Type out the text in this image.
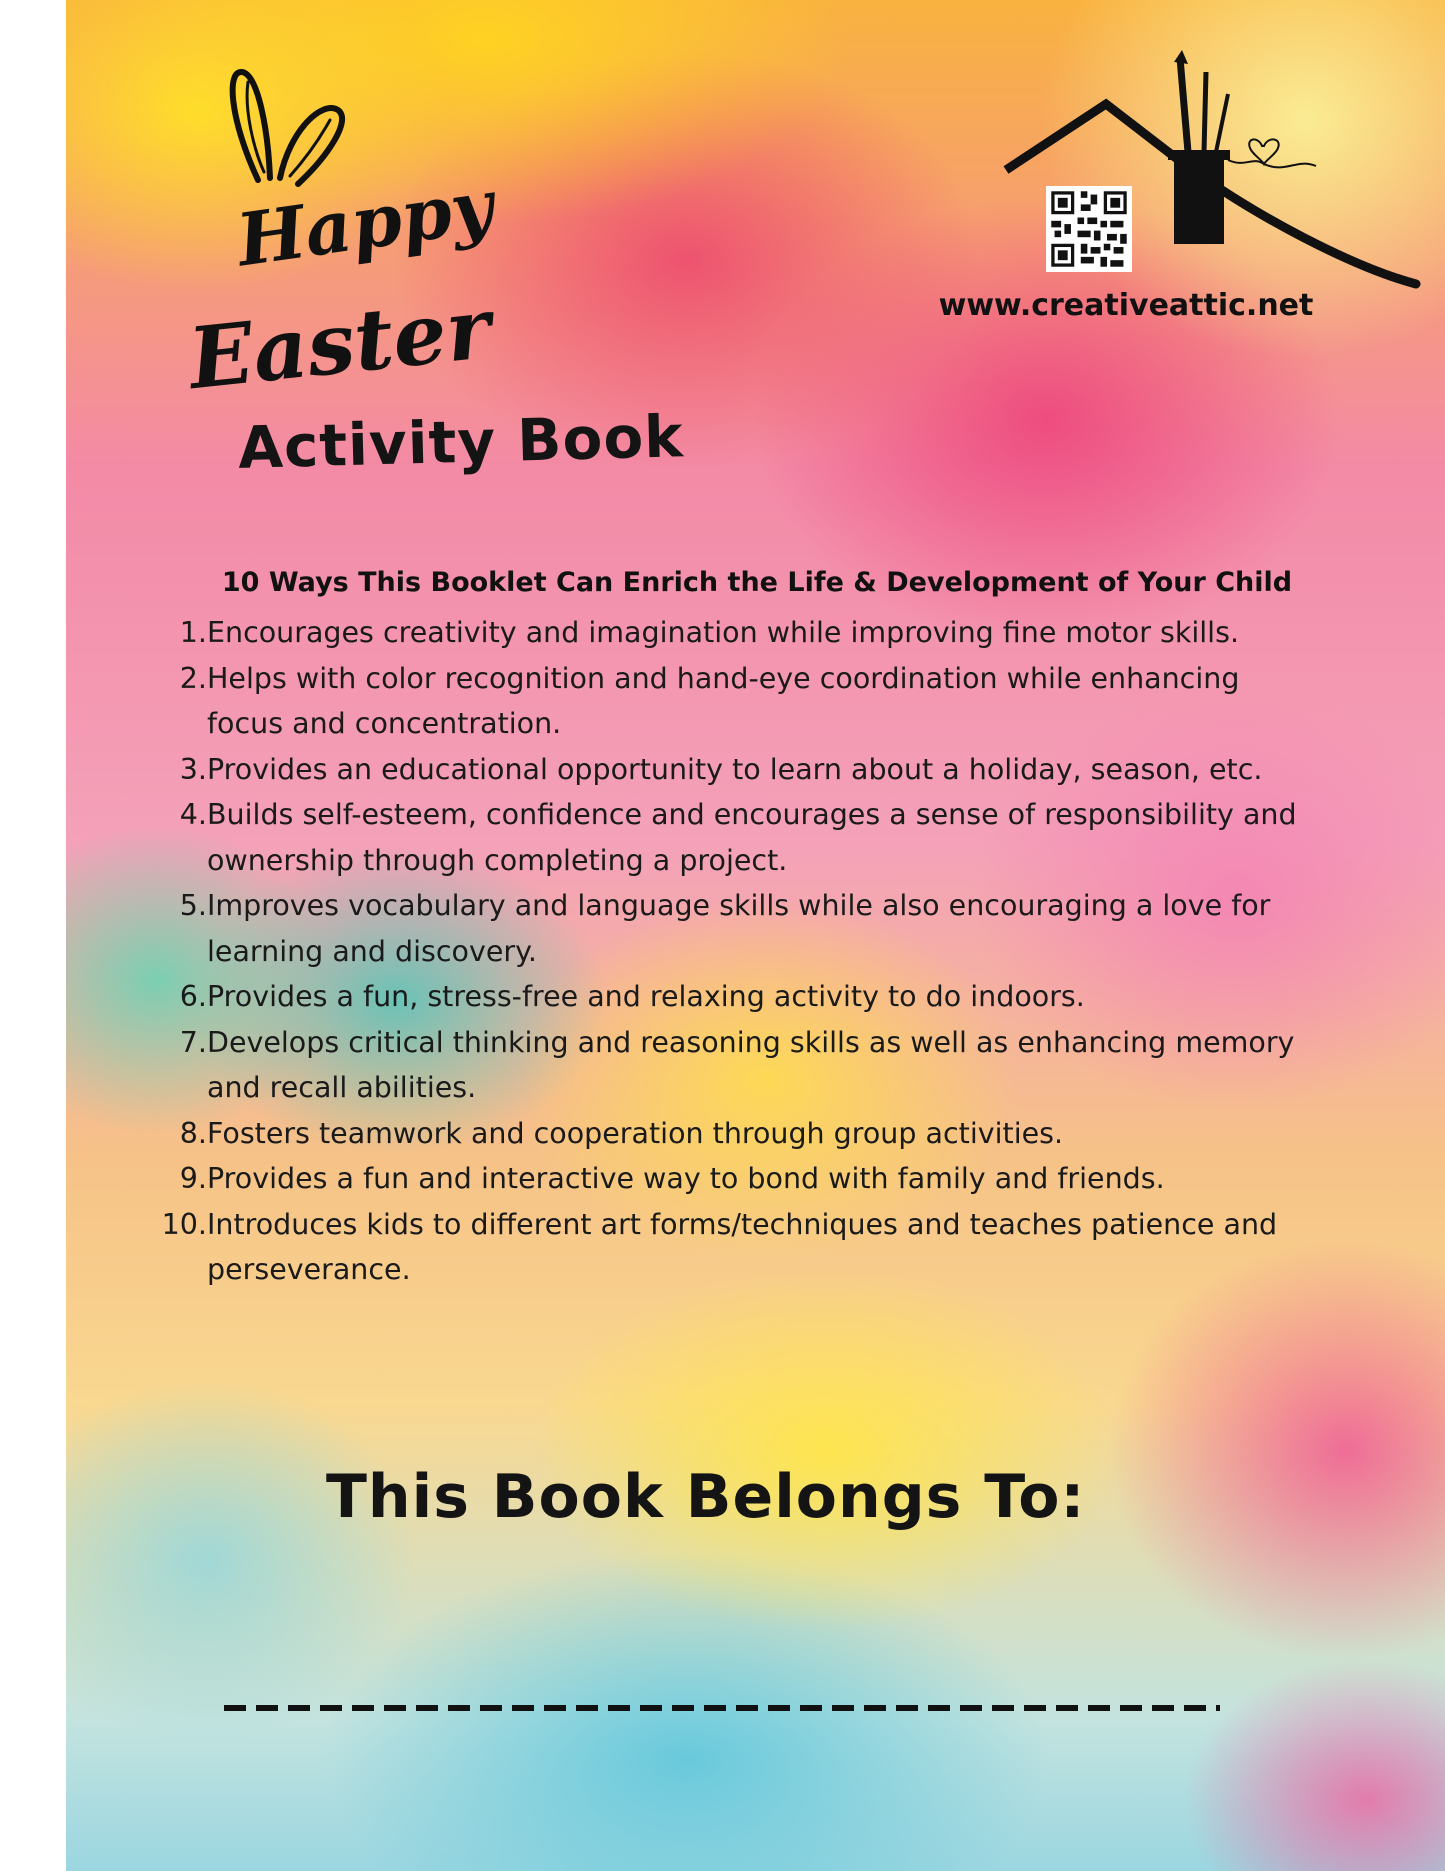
Happy
Easter	www.creativeattic.net
Activity Book
10 Ways This Booklet Can Enrich the Life & Development of Your Child
1. Encourages creativity and imagination while improving fine motor skills.
2. Helps with color recognition and hand-eye coordination while enhancing
focus and concentration.
3. Provides an educational opportunity to learn about a holiday, season, etc.
4. Builds self-esteem, confidence and encourages a sense of responsibility and
ownership through completing a project.
5. Improves vocabulary and language skills while also encouraging a love for
learning and discovery.
6. Provides a fun, stress-free and relaxing activity to do indoors.
7. Develops critical thinking and reasoning skills as well as enhancing memory
and recall abilities.
8. Fosters teamwork and cooperation through group activities.
9. Provides a fun and interactive way to bond with family and friends.
10. Introduces kids to different art forms/techniques and teaches patience and
perseverance.
This Book Belongs To:
